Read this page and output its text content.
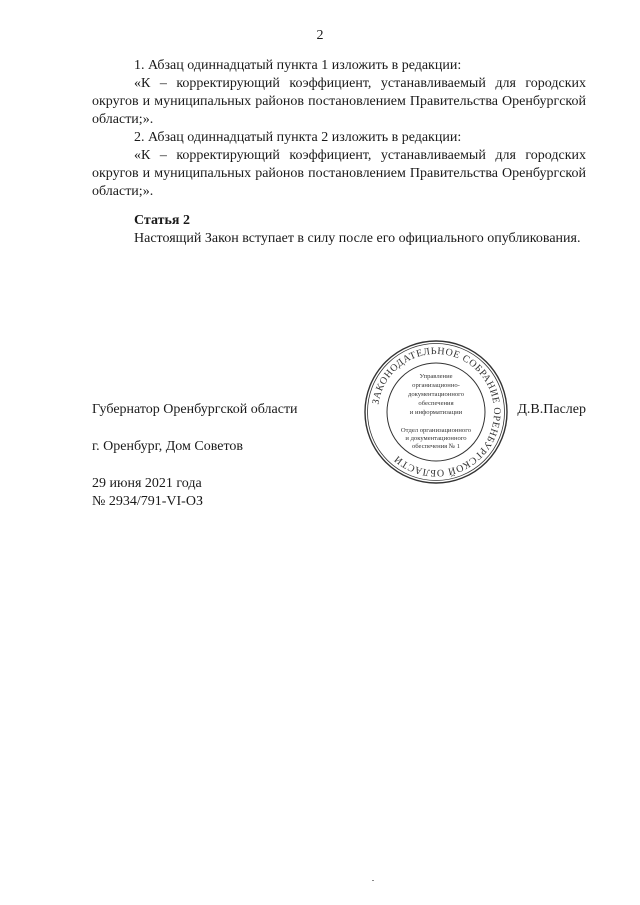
2

1. Абзац одиннадцатый пункта 1 изложить в редакции:

«К – корректирующий коэффициент, устанавливаемый для городских округов и муниципальных районов постановлением Правительства Оренбургской области;».

2. Абзац одиннадцатый пункта 2 изложить в редакции:

«К – корректирующий коэффициент, устанавливаемый для городских округов и муниципальных районов постановлением Правительства Оренбургской области;».

Статья 2

Настоящий Закон вступает в силу после его официального опубликования.

Губернатор Оренбургской области	Д.В.Паслер
г. Оренбург, Дом Советов
29 июня 2021 года
№ 2934/791-VI-ОЗ
ЗАКОНОДАТЕЛЬНОЕ СОБРАНИЕ ОРЕНБУРГСКОЙ ОБЛАСТИ
Управление
организационно-
документационного
обеспечения
и информатизации
Отдел организационного
и документационного
обеспечения № 1
